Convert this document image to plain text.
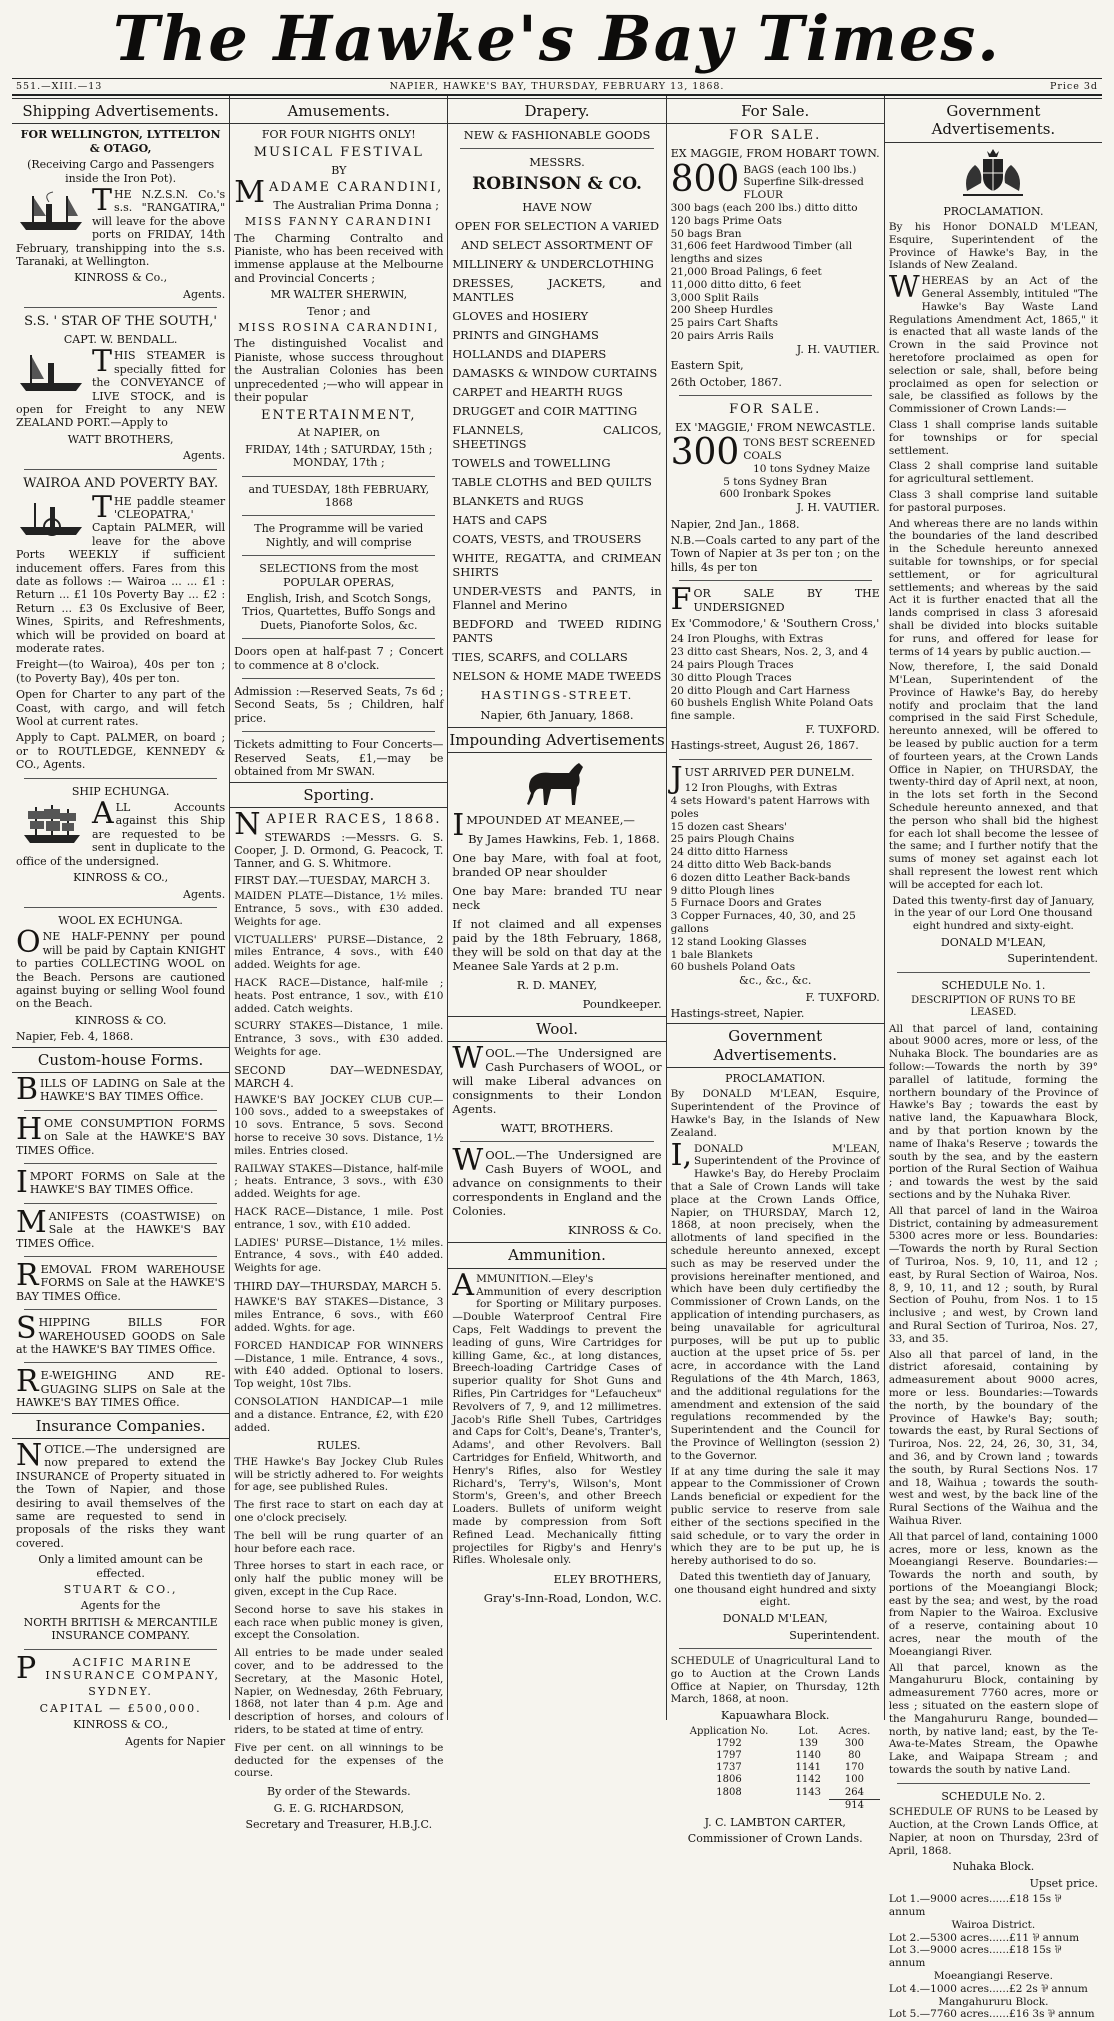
The Hawke's Bay Times.
551.—XIII.—13	NAPIER, HAWKE'S BAY, THURSDAY, FEBRUARY 13, 1868.	Price 3d
Shipping Advertisements.

FOR WELLINGTON, LYTTELTON & OTAGO,

(Receiving Cargo and Passengers inside the Iron Pot).

THE N.Z.S.N. Co.'s s.s. "RANGATIRA," will leave for the above ports on FRIDAY, 14th February, transhipping into the s.s. Taranaki, at Wellington.

KINROSS & Co.,

Agents.

S.S. ' STAR OF THE SOUTH,'

CAPT. W. BENDALL.

THIS STEAMER is specially fitted for the CONVEYANCE of LIVE STOCK, and is open for Freight to any NEW ZEALAND PORT.—Apply to

WATT BROTHERS,

Agents.

WAIROA AND POVERTY BAY.

THE paddle steamer 'CLEOPATRA,' Captain PALMER, will leave for the above Ports WEEKLY if sufficient inducement offers. Fares from this date as follows :— Wairoa ... ... £1 : Return ... £1 10s Poverty Bay ... £2 : Return ... £3 0s Exclusive of Beer, Wines, Spirits, and Refreshments, which will be provided on board at moderate rates.

Freight—(to Wairoa), 40s per ton ; (to Poverty Bay), 40s per ton.

Open for Charter to any part of the Coast, with cargo, and will fetch Wool at current rates.

Apply to Capt. PALMER, on board ; or to ROUTLEDGE, KENNEDY & CO., Agents.

SHIP ECHUNGA.

ALL Accounts against this Ship are requested to be sent in duplicate to the office of the undersigned.

KINROSS & CO.,

Agents.

WOOL EX ECHUNGA.

ONE HALF-PENNY per pound will be paid by Captain KNIGHT to parties COLLECTING WOOL on the Beach. Persons are cautioned against buying or selling Wool found on the Beach.

KINROSS & CO.

Napier, Feb. 4, 1868.

Custom-house Forms.

BILLS OF LADING on Sale at the HAWKE'S BAY TIMES Office.

HOME CONSUMPTION FORMS on Sale at the HAWKE'S BAY TIMES Office.

IMPORT FORMS on Sale at the HAWKE'S BAY TIMES Office.

MANIFESTS (COASTWISE) on Sale at the HAWKE'S BAY TIMES Office.

REMOVAL FROM WAREHOUSE FORMS on Sale at the HAWKE'S BAY TIMES Office.

SHIPPING BILLS FOR WAREHOUSED GOODS on Sale at the HAWKE'S BAY TIMES Office.

RE-WEIGHING AND RE-GUAGING SLIPS on Sale at the HAWKE'S BAY TIMES Office.

Insurance Companies.

NOTICE.—The undersigned are now prepared to extend the INSURANCE of Property situated in the Town of Napier, and those desiring to avail themselves of the same are requested to send in proposals of the risks they want covered.

Only a limited amount can be effected.

STUART & CO.,

Agents for the

NORTH BRITISH & MERCANTILE INSURANCE COMPANY.

PACIFIC MARINE INSURANCE COMPANY,

SYDNEY.

CAPITAL — £500,000.

KINROSS & CO.,

Agents for Napier

Amusements.

FOR FOUR NIGHTS ONLY!

MUSICAL FESTIVAL

BY

MADAME CARANDINI,

The Australian Prima Donna ;

MISS FANNY CARANDINI

The Charming Contralto and Pianiste, who has been received with immense applause at the Melbourne and Provincial Concerts ;

MR WALTER SHERWIN,

Tenor ; and

MISS ROSINA CARANDINI,

The distinguished Vocalist and Pianiste, whose success throughout the Australian Colonies has been unprecedented ;—who will appear in their popular

ENTERTAINMENT,

At NAPIER, on

FRIDAY, 14th ; SATURDAY, 15th ; MONDAY, 17th ;

and TUESDAY, 18th FEBRUARY, 1868

The Programme will be varied Nightly, and will comprise

SELECTIONS from the most POPULAR OPERAS,

English, Irish, and Scotch Songs, Trios, Quartettes, Buffo Songs and Duets, Pianoforte Solos, &c.

Doors open at half-past 7 ; Concert to commence at 8 o'clock.

Admission :—Reserved Seats, 7s 6d ; Second Seats, 5s ; Children, half price.

Tickets admitting to Four Concerts—Reserved Seats, £1,—may be obtained from Mr SWAN.

Sporting.

NAPIER RACES, 1868.

STEWARDS :—Messrs. G. S. Cooper, J. D. Ormond, G. Peacock, T. Tanner, and G. S. Whitmore.

FIRST DAY.—TUESDAY, MARCH 3.

MAIDEN PLATE—Distance, 1½ miles. Entrance, 5 sovs., with £30 added. Weights for age.

VICTUALLERS' PURSE—Distance, 2 miles Entrance, 4 sovs., with £40 added. Weights for age.

HACK RACE—Distance, half-mile ; heats. Post entrance, 1 sov., with £10 added. Catch weights.

SCURRY STAKES—Distance, 1 mile. Entrance, 3 sovs., with £30 added. Weights for age.

SECOND DAY—WEDNESDAY, MARCH 4.

HAWKE'S BAY JOCKEY CLUB CUP.—100 sovs., added to a sweepstakes of 10 sovs. Entrance, 5 sovs. Second horse to receive 30 sovs. Distance, 1½ miles. Entries closed.

RAILWAY STAKES—Distance, half-mile ; heats. Entrance, 3 sovs., with £30 added. Weights for age.

HACK RACE—Distance, 1 mile. Post entrance, 1 sov., with £10 added.

LADIES' PURSE—Distance, 1½ miles. Entrance, 4 sovs., with £40 added. Weights for age.

THIRD DAY—THURSDAY, MARCH 5.

HAWKE'S BAY STAKES—Distance, 3 miles Entrance, 6 sovs., with £60 added. Wghts. for age.

FORCED HANDICAP FOR WINNERS—Distance, 1 mile. Entrance, 4 sovs., with £40 added. Optional to losers. Top weight, 10st 7lbs.

CONSOLATION HANDICAP—1 mile and a distance. Entrance, £2, with £20 added.

RULES.

THE Hawke's Bay Jockey Club Rules will be strictly adhered to. For weights for age, see published Rules.

The first race to start on each day at one o'clock precisely.

The bell will be rung quarter of an hour before each race.

Three horses to start in each race, or only half the public money will be given, except in the Cup Race.

Second horse to save his stakes in each race when public money is given, except the Consolation.

All entries to be made under sealed cover, and to be addressed to the Secretary, at the Masonic Hotel, Napier, on Wednesday, 26th February, 1868, not later than 4 p.m. Age and description of horses, and colours of riders, to be stated at time of entry.

Five per cent. on all winnings to be deducted for the expenses of the course.

By order of the Stewards.

G. E. G. RICHARDSON,

Secretary and Treasurer, H.B.J.C.

Drapery.

NEW & FASHIONABLE GOODS

MESSRS.

ROBINSON & CO.

HAVE NOW

OPEN FOR SELECTION A VARIED

AND SELECT ASSORTMENT OF

MILLINERY & UNDERCLOTHING

DRESSES, JACKETS, and MANTLES

GLOVES and HOSIERY

PRINTS and GINGHAMS

HOLLANDS and DIAPERS

DAMASKS & WINDOW CURTAINS

CARPET and HEARTH RUGS

DRUGGET and COIR MATTING

FLANNELS, CALICOS, SHEETINGS

TOWELS and TOWELLING

TABLE CLOTHS and BED QUILTS

BLANKETS and RUGS

HATS and CAPS

COATS, VESTS, and TROUSERS

WHITE, REGATTA, and CRIMEAN SHIRTS

UNDER-VESTS and PANTS, in Flannel and Merino

BEDFORD and TWEED RIDING PANTS

TIES, SCARFS, and COLLARS

NELSON & HOME MADE TWEEDS

HASTINGS-STREET.

Napier, 6th January, 1868.

Impounding Advertisements

IMPOUNDED AT MEANEE,—

By James Hawkins, Feb. 1, 1868.

One bay Mare, with foal at foot, branded OP near shoulder

One bay Mare: branded TU near neck

If not claimed and all expenses paid by the 18th February, 1868, they will be sold on that day at the Meanee Sale Yards at 2 p.m.

R. D. MANEY,

Poundkeeper.

Wool.

WOOL.—The Undersigned are Cash Purchasers of WOOL, or will make Liberal advances on consignments to their London Agents.

WATT, BROTHERS.

WOOL.—The Undersigned are Cash Buyers of WOOL, and advance on consignments to their correspondents in England and the Colonies.

KINROSS & Co.

Ammunition.

AMMUNITION.—Eley's Ammunition of every description for Sporting or Military purposes.—Double Waterproof Central Fire Caps, Felt Waddings to prevent the leading of guns, Wire Cartridges for killing Game, &c., at long distances, Breech-loading Cartridge Cases of superior quality for Shot Guns and Rifles, Pin Cartridges for "Lefaucheux" Revolvers of 7, 9, and 12 millimetres. Jacob's Rifle Shell Tubes, Cartridges and Caps for Colt's, Deane's, Tranter's, Adams', and other Revolvers. Ball Cartridges for Enfield, Whitworth, and Henry's Rifles, also for Westley Richard's, Terry's, Wilson's, Mont Storm's, Green's, and other Breech Loaders. Bullets of uniform weight made by compression from Soft Refined Lead. Mechanically fitting projectiles for Rigby's and Henry's Rifles. Wholesale only.

ELEY BROTHERS,

Gray's-Inn-Road, London, W.C.

For Sale.

FOR SALE.

EX MAGGIE, FROM HOBART TOWN.

800 BAGS (each 100 lbs.) Superfine Silk-dressed FLOUR
300 bags (each 200 lbs.) ditto ditto
120 bags Prime Oats
50 bags Bran
31,606 feet Hardwood Timber (all lengths and sizes
21,000 Broad Palings, 6 feet
11,000 ditto ditto, 6 feet
3,000 Split Rails
200 Sheep Hurdles
25 pairs Cart Shafts
20 pairs Arris Rails

J. H. VAUTIER.

Eastern Spit,

26th October, 1867.

FOR SALE.

EX 'MAGGIE,' FROM NEWCASTLE.

300 TONS BEST SCREENED COALS
10 tons Sydney Maize
5 tons Sydney Bran
600 Ironbark Spokes

J. H. VAUTIER.

Napier, 2nd Jan., 1868.

N.B.—Coals carted to any part of the Town of Napier at 3s per ton ; on the hills, 4s per ton

FOR SALE BY THE UNDERSIGNED

Ex 'Commodore,' & 'Southern Cross,'

24 Iron Ploughs, with Extras
23 ditto cast Shears, Nos. 2, 3, and 4
24 pairs Plough Traces
30 ditto Plough Traces
20 ditto Plough and Cart Harness
60 bushels English White Poland Oats fine sample.

F. TUXFORD.

Hastings-street, August 26, 1867.

JUST ARRIVED PER DUNELM.

12 Iron Ploughs, with Extras
4 sets Howard's patent Harrows with poles
15 dozen cast Shears'
25 pairs Plough Chains
24 ditto ditto Harness
24 ditto ditto Web Back-bands
6 dozen ditto Leather Back-bands
9 ditto Plough lines
5 Furnace Doors and Grates
3 Copper Furnaces, 40, 30, and 25 gallons
12 stand Looking Glasses
1 bale Blankets
60 bushels Poland Oats

&c., &c., &c.

F. TUXFORD.

Hastings-street, Napier.

Government Advertisements.

PROCLAMATION.

By DONALD M'LEAN, Esquire, Superintendent of the Province of Hawke's Bay, in the Islands of New Zealand.

I,DONALD M'LEAN, Superintendent of the Province of Hawke's Bay, do Hereby Proclaim that a Sale of Crown Lands will take place at the Crown Lands Office, Napier, on THURSDAY, March 12, 1868, at noon precisely, when the allotments of land specified in the schedule hereunto annexed, except such as may be reserved under the provisions hereinafter mentioned, and which have been duly certifiedby the Commissioner of Crown Lands, on the application of intending purchasers, as being unavailable for agricultural purposes, will be put up to public auction at the upset price of 5s. per acre, in accordance with the Land Regulations of the 4th March, 1863, and the additional regulations for the amendment and extension of the said regulations recommended by the Superintendent and the Council for the Province of Wellington (session 2) to the Governor.

If at any time during the sale it may appear to the Commissioner of Crown Lands beneficial or expedient for the public service to reserve from sale either of the sections specified in the said schedule, or to vary the order in which they are to be put up, he is hereby authorised to do so.

Dated this twentieth day of January, one thousand eight hundred and sixty eight.

DONALD M'LEAN,

Superintendent.

SCHEDULE of Unagricultural Land to go to Auction at the Crown Lands Office at Napier, on Thursday, 12th March, 1868, at noon.

Kapuawhara Block.

Application No.	Lot.	Acres.
1792	139	300
1797	1140	80
1737	1141	170
1806	1142	100
1808	1143	264
		914

J. C. LAMBTON CARTER,

Commissioner of Crown Lands.

Government Advertisements.

PROCLAMATION.

By his Honor DONALD M'LEAN, Esquire, Superintendent of the Province of Hawke's Bay, in the Islands of New Zealand.

WHEREAS by an Act of the General Assembly, intituled "The Hawke's Bay Waste Land Regulations Amendment Act, 1865," it is enacted that all waste lands of the Crown in the said Province not heretofore proclaimed as open for selection or sale, shall, before being proclaimed as open for selection or sale, be classified as follows by the Commissioner of Crown Lands:—

Class 1 shall comprise lands suitable for townships or for special settlement.

Class 2 shall comprise land suitable for agricultural settlement.

Class 3 shall comprise land suitable for pastoral purposes.

And whereas there are no lands within the boundaries of the land described in the Schedule hereunto annexed suitable for townships, or for special settlement, or for agricultural settlements; and whereas by the said Act it is further enacted that all the lands comprised in class 3 aforesaid shall be divided into blocks suitable for runs, and offered for lease for terms of 14 years by public auction.—

Now, therefore, I, the said Donald M'Lean, Superintendent of the Province of Hawke's Bay, do hereby notify and proclaim that the land comprised in the said First Schedule, hereunto annexed, will be offered to be leased by public auction for a term of fourteen years, at the Crown Lands Office in Napier, on THURSDAY, the twenty-third day of April next, at noon, in the lots set forth in the Second Schedule hereunto annexed, and that the person who shall bid the highest for each lot shall become the lessee of the same; and I further notify that the sums of money set against each lot shall represent the lowest rent which will be accepted for each lot.

Dated this twenty-first day of January, in the year of our Lord One thousand eight hundred and sixty-eight.

DONALD M'LEAN,

Superintendent.

SCHEDULE No. 1.

DESCRIPTION OF RUNS TO BE LEASED.

All that parcel of land, containing about 9000 acres, more or less, of the Nuhaka Block. The boundaries are as follow:—Towards the north by 39° parallel of latitude, forming the northern boundary of the Province of Hawke's Bay ; towards the east by native land, the Kapuawhara Block, and by that portion known by the name of Ihaka's Reserve ; towards the south by the sea, and by the eastern portion of the Rural Section of Waihua ; and towards the west by the said sections and by the Nuhaka River.

All that parcel of land in the Wairoa District, containing by admeasurement 5300 acres more or less. Boundaries:—Towards the north by Rural Section of Turiroa, Nos. 9, 10, 11, and 12 ; east, by Rural Section of Wairoa, Nos. 8, 9, 10, 11, and 12 ; south, by Rural Section of Pouhu, from Nos. 1 to 15 inclusive ; and west, by Crown land and Rural Section of Turiroa, Nos. 27, 33, and 35.

Also all that parcel of land, in the district aforesaid, containing by admeasurement about 9000 acres, more or less. Boundaries:—Towards the north, by the boundary of the Province of Hawke's Bay; south; towards the east, by Rural Sections of Turiroa, Nos. 22, 24, 26, 30, 31, 34, and 36, and by Crown land ; towards the south, by Rural Sections Nos. 17 and 18, Waihua ; towards the south-west and west, by the back line of the Rural Sections of the Waihua and the Waihua River.

All that parcel of land, containing 1000 acres, more or less, known as the Moeangiangi Reserve. Boundaries:—Towards the north and south, by portions of the Moeangiangi Block; east by the sea; and west, by the road from Napier to the Wairoa. Exclusive of a reserve, containing about 10 acres, near the mouth of the Moeangiangi River.

All that parcel, known as the Mangahururu Block, containing by admeasurement 7760 acres, more or less ; situated on the eastern slope of the Mangahururu Range, bounded—north, by native land; east, by the Te-Awa-te-Mates Stream, the Opawhe Lake, and Waipapa Stream ; and towards the south by native Land.

SCHEDULE No. 2.

SCHEDULE OF RUNS to be Leased by Auction, at the Crown Lands Office, at Napier, at noon on Thursday, 23rd of April, 1868.

Nuhaka Block.

Upset price.

Lot 1.—9000 acres......£18 15s ⅌ annum
Wairoa District.
Lot 2.—5300 acres......£11 ⅌ annum
Lot 3.—9000 acres......£18 15s ⅌ annum
Moeangiangi Reserve.
Lot 4.—1000 acres......£2 2s ⅌ annum
Mangahururu Block.
Lot 5.—7760 acres......£16 3s ⅌ annum
